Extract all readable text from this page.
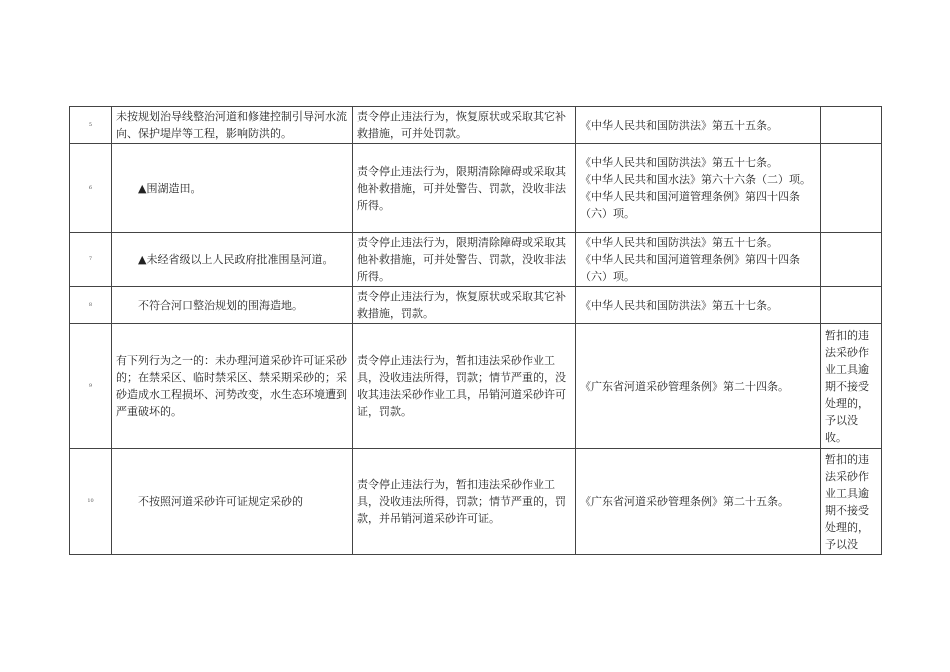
5	未按规划治导线整治河道和修建控制引导河水流向、保护堤岸等工程，影响防洪的。	责令停止违法行为，恢复原状或采取其它补救措施，可并处罚款。	《中华人民共和国防洪法》第五十五条。	

6	▲围湖造田。	责令停止违法行为，限期清除障碍或采取其他补救措施，可并处警告、罚款，没收非法所得。	《中华人民共和国防洪法》第五十七条。
《中华人民共和国水法》第六十六条（二）项。
《中华人民共和国河道管理条例》第四十四条（六）项。	

7	▲未经省级以上人民政府批准围垦河道。	责令停止违法行为，限期清除障碍或采取其他补救措施，可并处警告、罚款，没收非法所得。	《中华人民共和国防洪法》第五十七条。
《中华人民共和国河道管理条例》第四十四条（六）项。	

8	不符合河口整治规划的围海造地。	责令停止违法行为，恢复原状或采取其它补救措施，罚款。	《中华人民共和国防洪法》第五十七条。	

9	有下列行为之一的：未办理河道采砂许可证采砂的；在禁采区、临时禁采区、禁采期采砂的；采砂造成水工程损坏、河势改变，水生态环境遭到严重破坏的。	责令停止违法行为，暂扣违法采砂作业工具，没收违法所得，罚款；情节严重的，没收其违法采砂作业工具，吊销河道采砂许可证，罚款。	《广东省河道采砂管理条例》第二十四条。	暂扣的违法采砂作业工具逾期不接受处理的，予以没收。
10	不按照河道采砂许可证规定采砂的	责令停止违法行为，暂扣违法采砂作业工具，没收违法所得，罚款；情节严重的，罚款，并吊销河道采砂许可证。	《广东省河道采砂管理条例》第二十五条。	暂扣的违法采砂作业工具逾期不接受处理的，予以没
